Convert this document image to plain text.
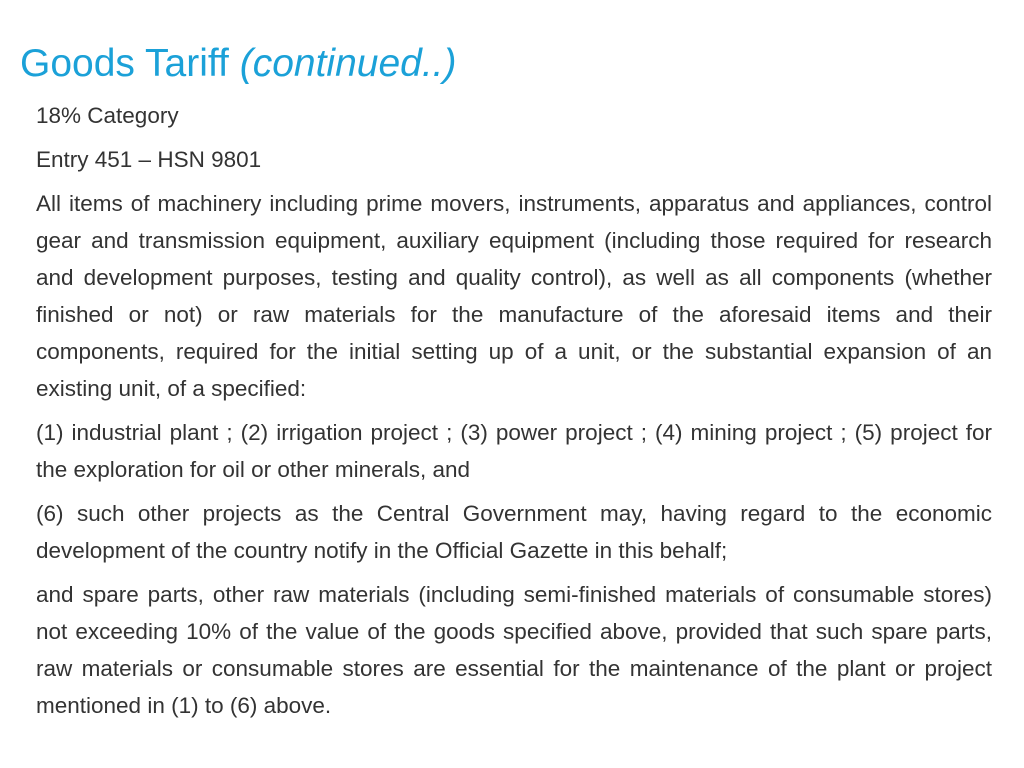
Goods Tariff (continued..)

18% Category

Entry 451 – HSN 9801

All items of machinery including prime movers, instruments, apparatus and appliances, control gear and transmission equipment, auxiliary equipment (including those required for research and development purposes, testing and quality control), as well as all components (whether finished or not) or raw materials for the manufacture of the aforesaid items and their components, required for the initial setting up of a unit, or the substantial expansion of an existing unit, of a specified:

(1) industrial plant ; (2) irrigation project ; (3) power project ; (4) mining project ; (5) project for the exploration for oil or other minerals, and

(6) such other projects as the Central Government may, having regard to the economic development of the country notify in the Official Gazette in this behalf;

and spare parts, other raw materials (including semi-finished materials of consumable stores) not exceeding 10% of the value of the goods specified above, provided that such spare parts, raw materials or consumable stores are essential for the maintenance of the plant or project mentioned in (1) to (6) above.
